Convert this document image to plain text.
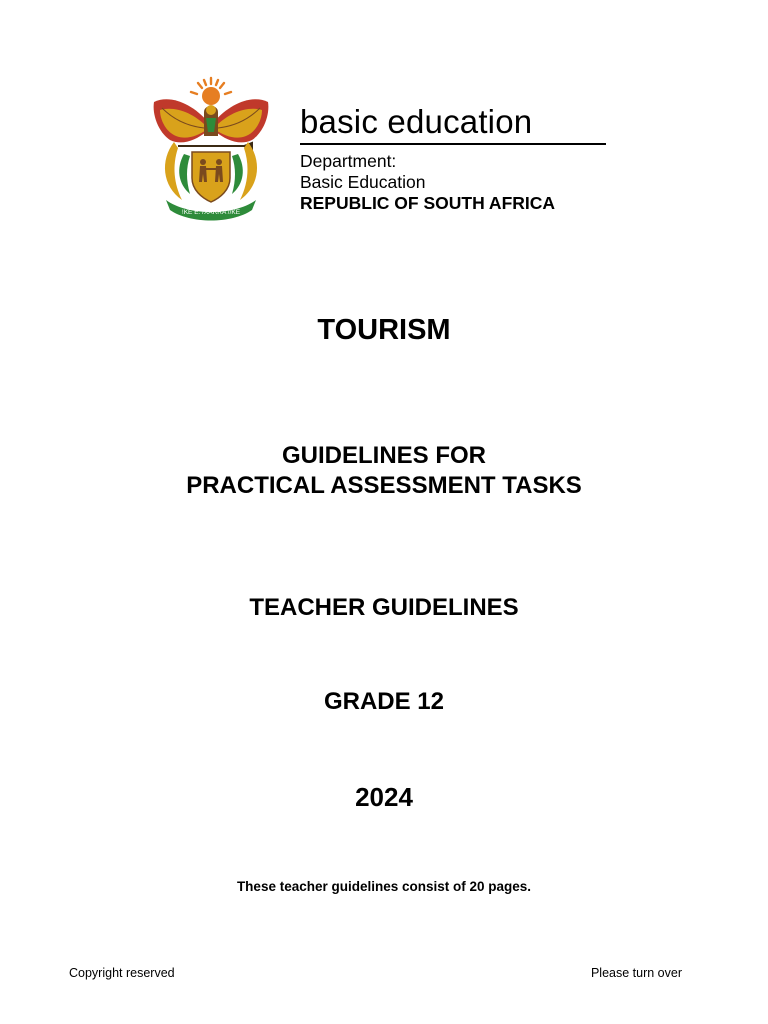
!KE E: /XARRA //KE
basic education
Department:
Basic Education
REPUBLIC OF SOUTH AFRICA
TOURISM
GUIDELINES FOR
PRACTICAL ASSESSMENT TASKS
TEACHER GUIDELINES
GRADE 12
2024
These teacher guidelines consist of 20 pages.
Copyright reserved	Please turn over
